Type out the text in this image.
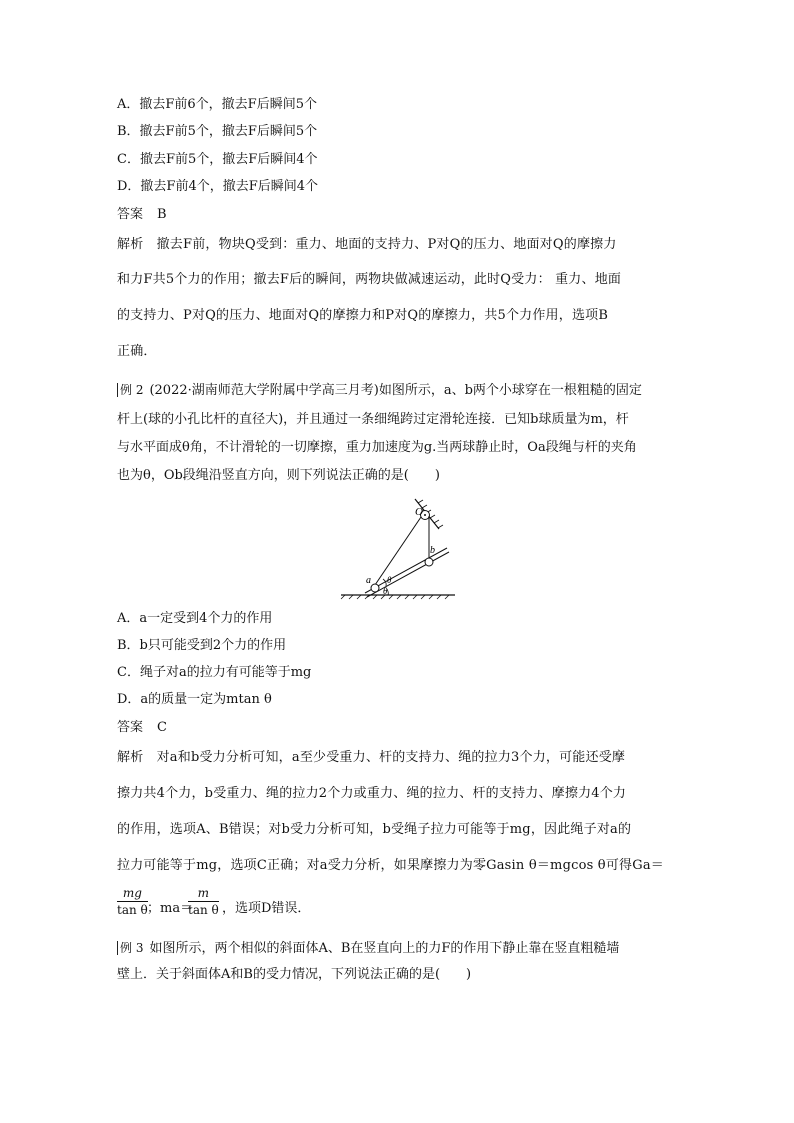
A．撤去F前6个，撤去F后瞬间5个
B．撤去F前5个，撤去F后瞬间5个
C．撤去F前5个，撤去F后瞬间4个
D．撤去F前4个，撤去F后瞬间4个
答案 B
解析　撤去F前，物块Q受到：重力、地面的支持力、P对Q的压力、地面对Q的摩擦力
和力F共5个力的作用；撤去F后的瞬间，两物块做减速运动，此时Q受力： 重力、地面
的支持力、P对Q的压力、地面对Q的摩擦力和P对Q的摩擦力，共5个力作用，选项B
正确．
例 2 (2022·湖南师范大学附属中学高三月考)如图所示，a、b两个小球穿在一根粗糙的固定
杆上(球的小孔比杆的直径大)，并且通过一条细绳跨过定滑轮连接．已知b球质量为m，杆
与水平面成θ角，不计滑轮的一切摩擦，重力加速度为g.当两球静止时，Oa段绳与杆的夹角
也为θ，Ob段绳沿竖直方向，则下列说法正确的是(　　)
O
a
b
θ
θ
A．a一定受到4个力的作用
B．b只可能受到2个力的作用
C．绳子对a的拉力有可能等于mg
D．a的质量一定为mtan θ
答案 C
解析　对a和b受力分析可知，a至少受重力、杆的支持力、绳的拉力3个力，可能还受摩
擦力共4个力，b受重力、绳的拉力2个力或重力、绳的拉力、杆的支持力、摩擦力4个力
的作用，选项A、B错误；对b受力分析可知，b受绳子拉力可能等于mg，因此绳子对a的
拉力可能等于mg，选项C正确；对a受力分析，如果摩擦力为零Gasin θ＝mgcos θ可得Ga＝
mg
tan θ ；ma＝
m
tan θ ，选项D错误．
例 3 如图所示，两个相似的斜面体A、B在竖直向上的力F的作用下静止靠在竖直粗糙墙
壁上．关于斜面体A和B的受力情况，下列说法正确的是(　　)
